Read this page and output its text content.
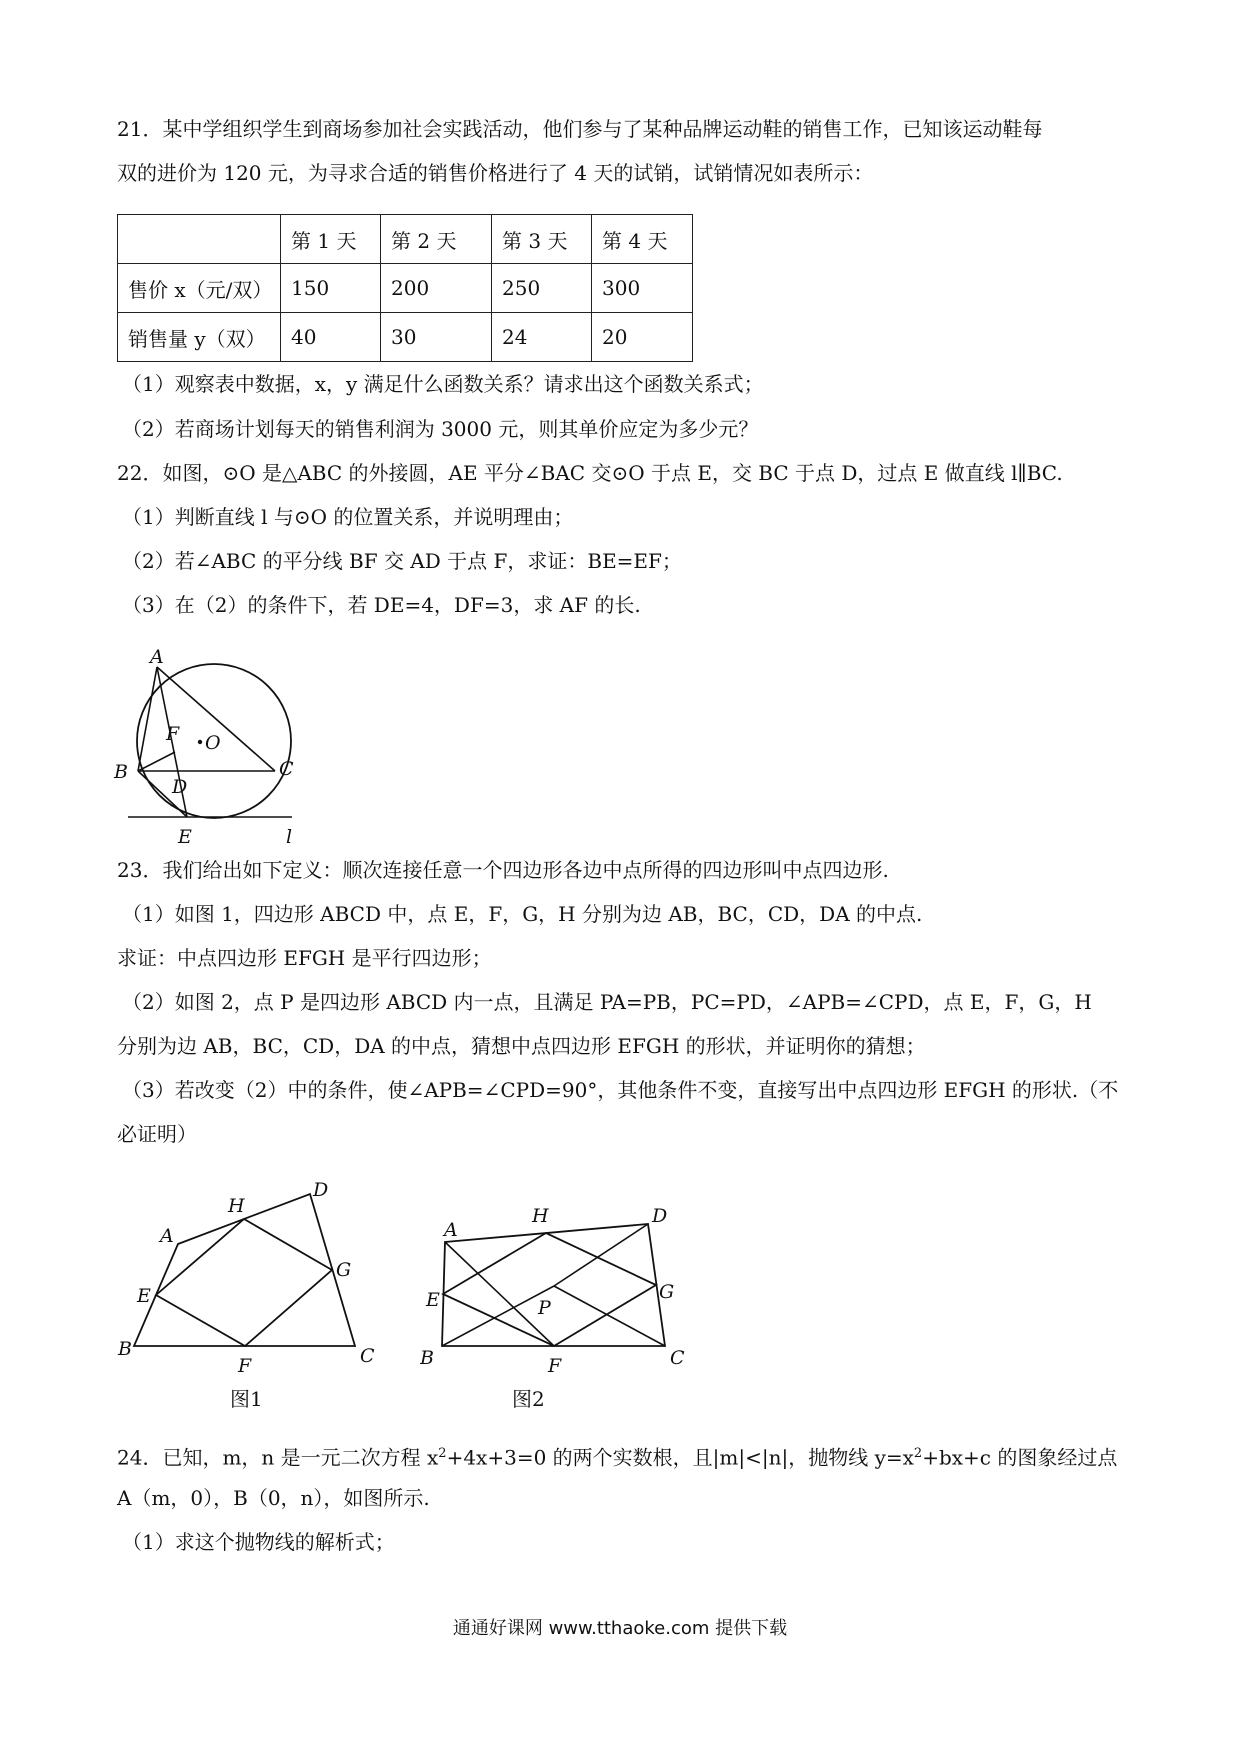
21．某中学组织学生到商场参加社会实践活动，他们参与了某种品牌运动鞋的销售工作，已知该运动鞋每
双的进价为 120 元，为寻求合适的销售价格进行了 4 天的试销，试销情况如表所示：
	第 1 天	第 2 天	第 3 天	第 4 天
售价 x（元/双）	150	200	250	300
销售量 y（双）	40	30	24	20
（1）观察表中数据，x，y 满足什么函数关系？请求出这个函数关系式；
（2）若商场计划每天的销售利润为 3000 元，则其单价应定为多少元？
22．如图，⊙O 是△ABC 的外接圆，AE 平分∠BAC 交⊙O 于点 E，交 BC 于点 D，过点 E 做直线 l∥BC.
（1）判断直线 l 与⊙O 的位置关系，并说明理由；
（2）若∠ABC 的平分线 BF 交 AD 于点 F，求证：BE=EF；
（3）在（2）的条件下，若 DE=4，DF=3，求 AF 的长.
A
B	C
D
E
F O
l
23．我们给出如下定义：顺次连接任意一个四边形各边中点所得的四边形叫中点四边形.
（1）如图 1，四边形 ABCD 中，点 E，F，G，H 分别为边 AB，BC，CD，DA 的中点.
求证：中点四边形 EFGH 是平行四边形；
（2）如图 2，点 P 是四边形 ABCD 内一点，且满足 PA=PB，PC=PD，∠APB=∠CPD，点 E，F，G，H
分别为边 AB，BC，CD，DA 的中点，猜想中点四边形 EFGH 的形状，并证明你的猜想；
（3）若改变（2）中的条件，使∠APB=∠CPD=90°，其他条件不变，直接写出中点四边形 EFGH 的形状.（不
必证明）
A
D
H
G
E
B
F	C
图1
A
H	D
G
E	P
B	F	C
图2
24．已知，m，n 是一元二次方程 $x^2+4x+3=0$ 的两个实数根，且|m|<|n|，抛物线 $y=x^2+bx+c$ 的图象经过点
A（m，0），B（0，n），如图所示.
（1）求这个抛物线的解析式；
通通好课网 www.tthaoke.com 提供下载
